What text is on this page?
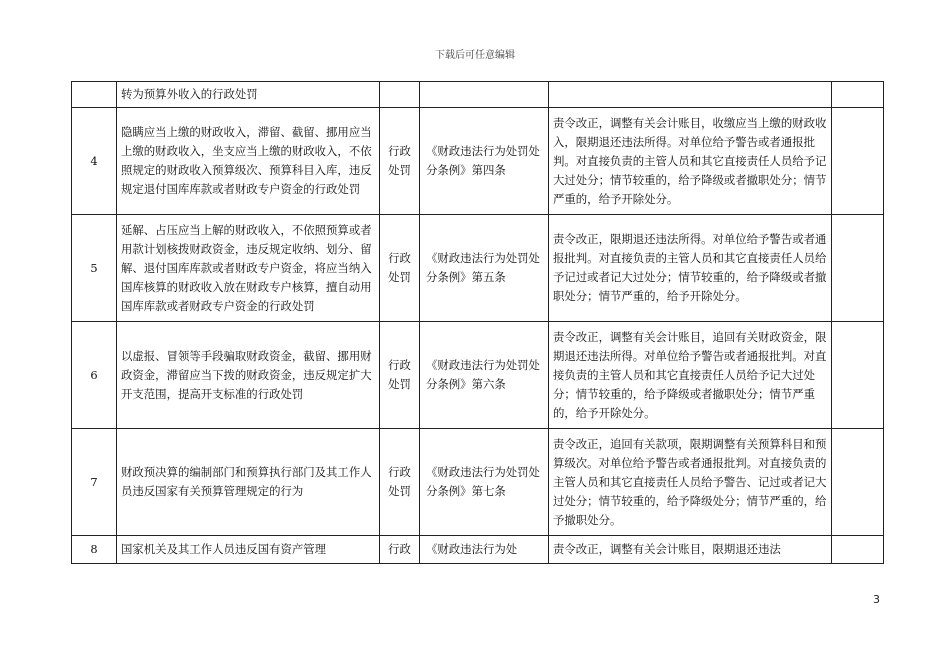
下载后可任意编辑
	转为预算外收入的行政处罚				
4	隐瞒应当上缴的财政收入，滞留、截留、挪用应当上缴的财政收入，坐支应当上缴的财政收入，不依照规定的财政收入预算级次、预算科目入库，违反规定退付国库库款或者财政专户资金的行政处罚	行政处罚	《财政违法行为处罚处分条例》第四条	责令改正，调整有关会计账目，收缴应当上缴的财政收入，限期退还违法所得。对单位给予警告或者通报批判。对直接负责的主管人员和其它直接责任人员给予记大过处分；情节较重的，给予降级或者撤职处分；情节严重的，给予开除处分。	
5	延解、占压应当上解的财政收入，不依照预算或者用款计划核拨财政资金，违反规定收纳、划分、留解、退付国库库款或者财政专户资金，将应当纳入国库核算的财政收入放在财政专户核算，擅自动用国库库款或者财政专户资金的行政处罚	行政处罚	《财政违法行为处罚处分条例》第五条	责令改正，限期退还违法所得。对单位给予警告或者通报批判。对直接负责的主管人员和其它直接责任人员给予记过或者记大过处分；情节较重的，给予降级或者撤职处分；情节严重的，给予开除处分。	
6	以虚报、冒领等手段骗取财政资金，截留、挪用财政资金，滞留应当下拨的财政资金，违反规定扩大开支范围，提高开支标准的行政处罚	行政处罚	《财政违法行为处罚处分条例》第六条	责令改正，调整有关会计账目，追回有关财政资金，限期退还违法所得。对单位给予警告或者通报批判。对直接负责的主管人员和其它直接责任人员给予记大过处分；情节较重的，给予降级或者撤职处分；情节严重的，给予开除处分。	
7	财政预决算的编制部门和预算执行部门及其工作人员违反国家有关预算管理规定的行为	行政处罚	《财政违法行为处罚处分条例》第七条	责令改正，追回有关款项，限期调整有关预算科目和预算级次。对单位给予警告或者通报批判。对直接负责的主管人员和其它直接责任人员给予警告、记过或者记大过处分；情节较重的，给予降级处分；情节严重的，给予撤职处分。	
8	国家机关及其工作人员违反国有资产管理	行政	《财政违法行为处	责令改正，调整有关会计账目，限期退还违法	
3
